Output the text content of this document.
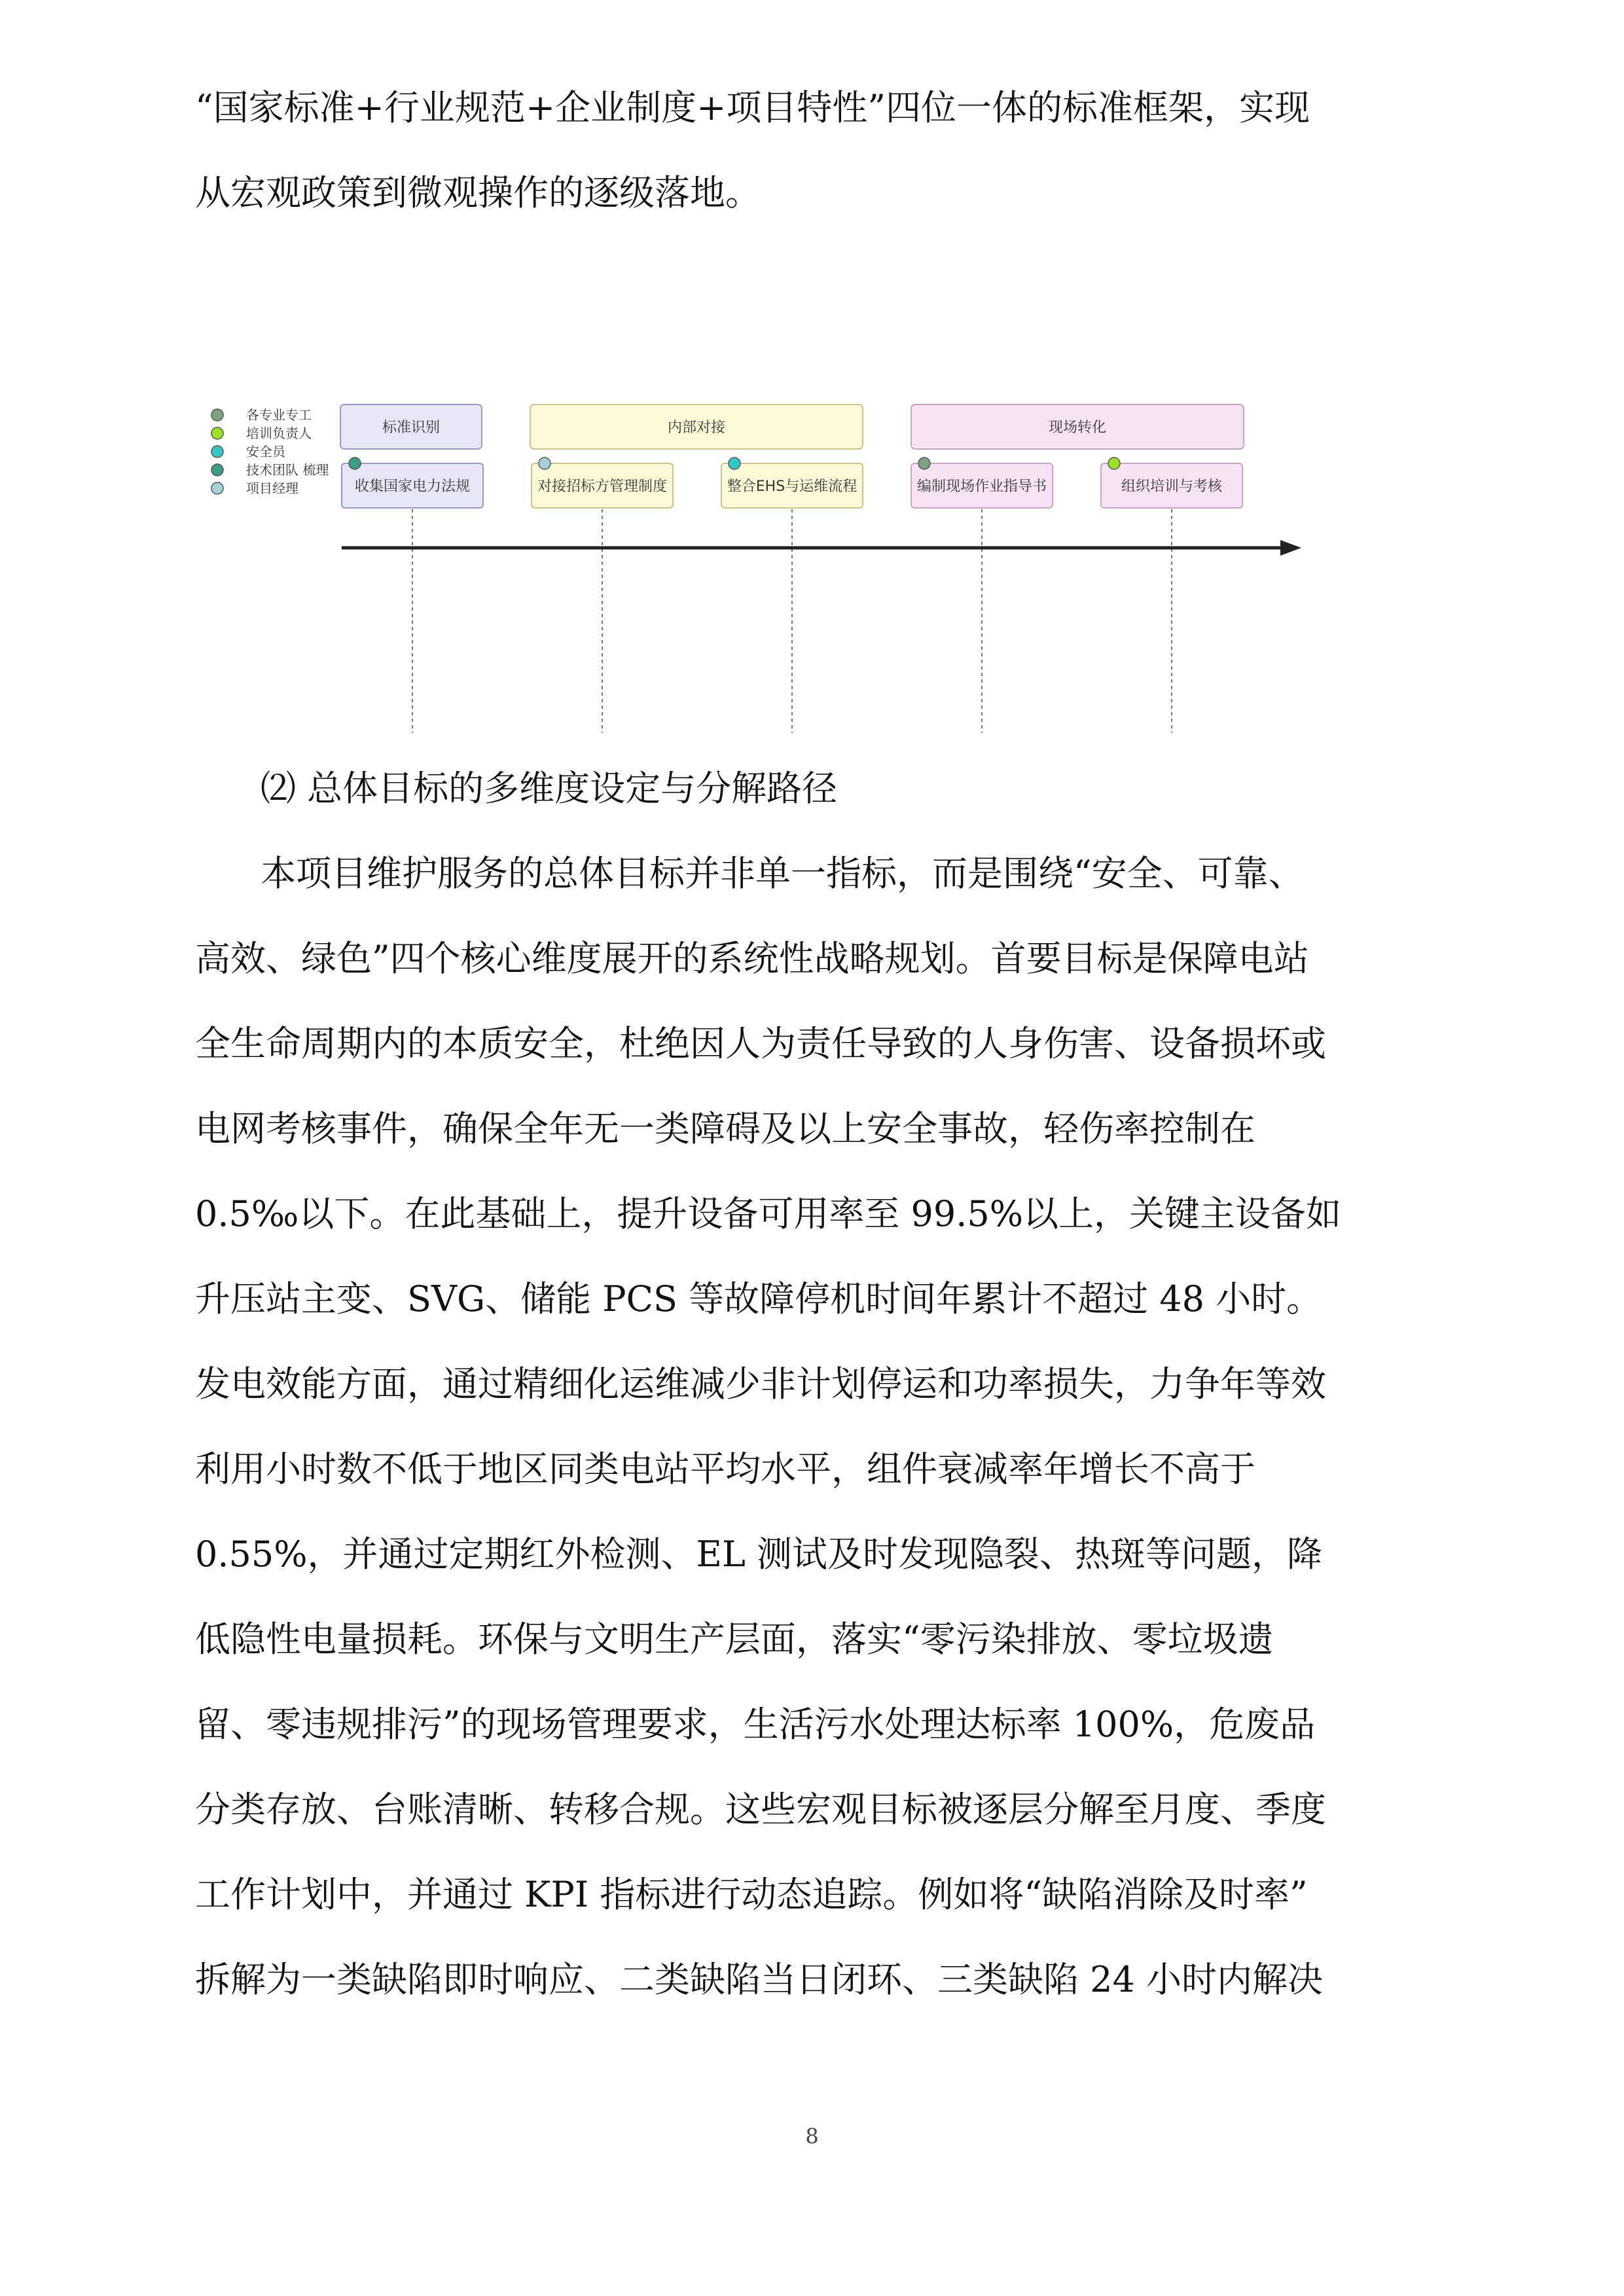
“国家标准+行业规范+企业制度+项目特性”四位一体的标准框架，实现
从宏观政策到微观操作的逐级落地。
各专业专工
培训负责人
安全员
技术团队 梳理
项目经理
标准识别	内部对接	现场转化
收集国家电力法规	对接招标方管理制度	整合EHS与运维流程	编制现场作业指导书	组织培训与考核
⑵ 总体目标的多维度设定与分解路径
本项目维护服务的总体目标并非单一指标，而是围绕“安全、可靠、
高效、绿色”四个核心维度展开的系统性战略规划。首要目标是保障电站
全生命周期内的本质安全，杜绝因人为责任导致的人身伤害、设备损坏或
电网考核事件，确保全年无一类障碍及以上安全事故，轻伤率控制在
0.5‰以下。在此基础上，提升设备可用率至 99.5%以上，关键主设备如
升压站主变、SVG、储能 PCS 等故障停机时间年累计不超过 48 小时。
发电效能方面，通过精细化运维减少非计划停运和功率损失，力争年等效
利用小时数不低于地区同类电站平均水平，组件衰减率年增长不高于
0.55%，并通过定期红外检测、EL 测试及时发现隐裂、热斑等问题，降
低隐性电量损耗。环保与文明生产层面，落实“零污染排放、零垃圾遗
留、零违规排污”的现场管理要求，生活污水处理达标率 100%，危废品
分类存放、台账清晰、转移合规。这些宏观目标被逐层分解至月度、季度
工作计划中，并通过 KPI 指标进行动态追踪。例如将“缺陷消除及时率”
拆解为一类缺陷即时响应、二类缺陷当日闭环、三类缺陷 24 小时内解决
8
